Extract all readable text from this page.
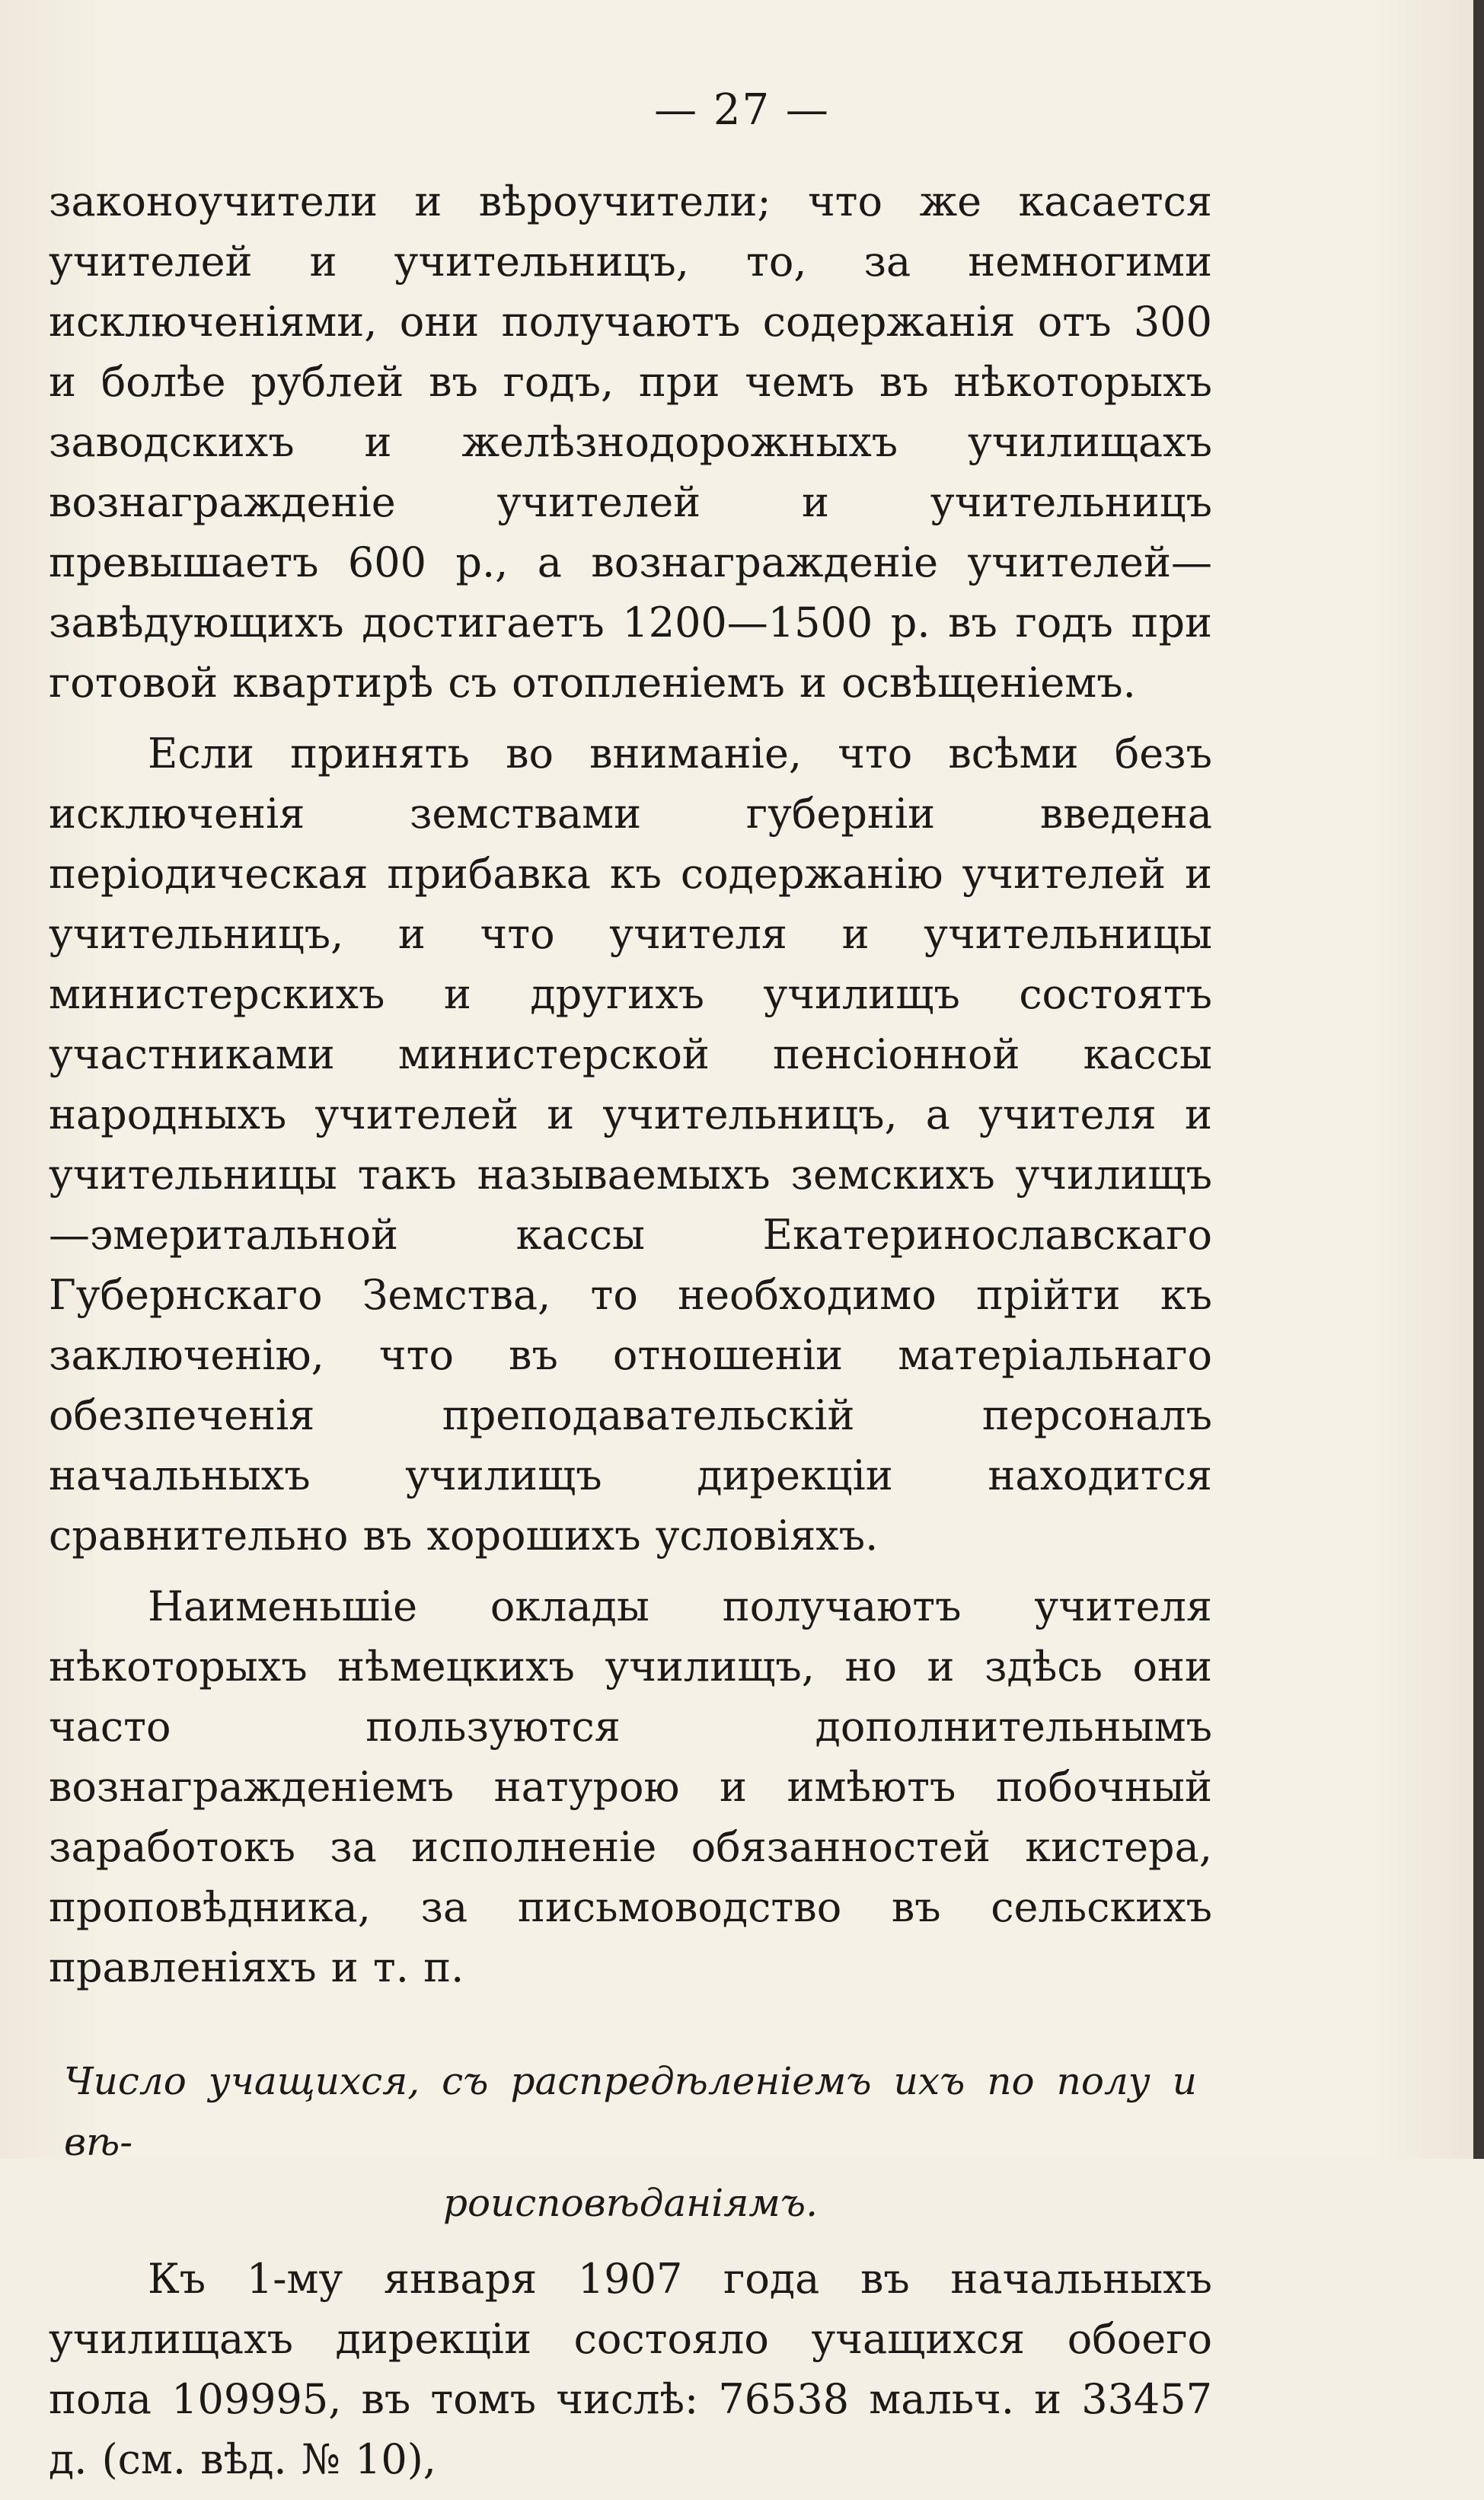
— 27 —

законоучители и вѣроучители; что же касается учителей и учительницъ, то, за немногими исключеніями, они получаютъ содержанія отъ 300 и болѣе рублей въ годъ, при чемъ въ нѣкоторыхъ заводскихъ и желѣзнодорожныхъ училищахъ вознагражденіе учителей и учительницъ превышаетъ 600 р., а вознагражденіе учителей—завѣдующихъ достигаетъ 1200—1500 р. въ годъ при готовой квартирѣ съ отопленіемъ и освѣщеніемъ.

Если принять во вниманіе, что всѣми безъ исключенія земствами губерніи введена періодическая прибавка къ содержанію учителей и учительницъ, и что учителя и учительницы министерскихъ и другихъ училищъ состоятъ участниками министерской пенсіонной кассы народныхъ учителей и учительницъ, а учителя и учительницы такъ называемыхъ земскихъ училищъ—эмеритальной кассы Екатеринославскаго Губернскаго Земства, то необходимо прійти къ заключенію, что въ отношеніи матеріальнаго обезпеченія преподавательскій персоналъ начальныхъ училищъ дирекціи находится сравнительно въ хорошихъ условіяхъ.

Наименьшіе оклады получаютъ учителя нѣкоторыхъ нѣмецкихъ училищъ, но и здѣсь они часто пользуются дополнительнымъ вознагражденіемъ натурою и имѣютъ побочный заработокъ за исполненіе обязанностей кистера, проповѣдника, за письмоводство въ сельскихъ правленіяхъ и т. п.

Число учащихся, съ распредѣленіемъ ихъ по полу и вѣ-
роисповѣданіямъ.

Къ 1-му января 1907 года въ начальныхъ училищахъ дирекціи состояло учащихся обоего пола 109995, въ томъ числѣ: 76538 мальч. и 33457 д. (см. вѣд. № 10),
